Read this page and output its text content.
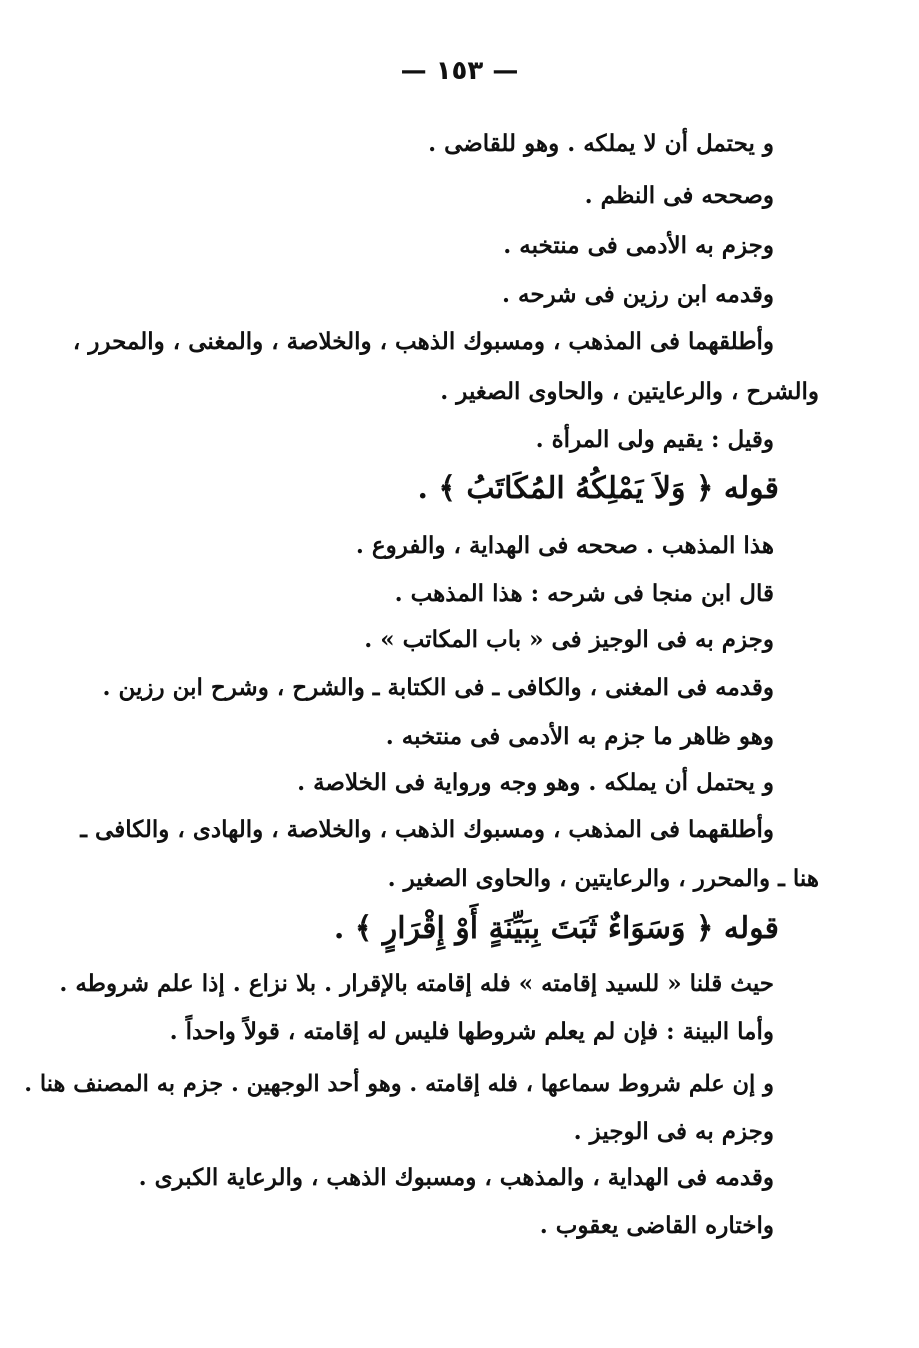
— ١٥٣ —
و يحتمل أن لا يملكه . وهو للقاضى .
وصححه فى النظم .
وجزم به الأدمى فى منتخبه .
وقدمه ابن رزين فى شرحه .
وأطلقهما فى المذهب ، ومسبوك الذهب ، والخلاصة ، والمغنى ، والمحرر ،
والشرح ، والرعايتين ، والحاوى الصغير .
وقيل : يقيم ولى المرأة .
قوله ﴿ وَلاَ يَمْلِكُهُ المُكَاتَبُ ﴾ .
هذا المذهب . صححه فى الهداية ، والفروع .
قال ابن منجا فى شرحه : هذا المذهب .
وجزم به فى الوجيز فى « باب المكاتب » .
وقدمه فى المغنى ، والكافى ـ فى الكتابة ـ والشرح ، وشرح ابن رزين .
وهو ظاهر ما جزم به الأدمى فى منتخبه .
و يحتمل أن يملكه . وهو وجه ورواية فى الخلاصة .
وأطلقهما فى المذهب ، ومسبوك الذهب ، والخلاصة ، والهادى ، والكافى ـ
هنا ـ والمحرر ، والرعايتين ، والحاوى الصغير .
قوله ﴿ وَسَوَاءٌ ثَبَتَ بِبَيِّنَةٍ أَوْ إِقْرَارٍ ﴾ .
حيث قلنا « للسيد إقامته » فله إقامته بالإقرار . بلا نزاع . إذا علم شروطه .
وأما البينة : فإن لم يعلم شروطها فليس له إقامته ، قولاً واحداً .
و إن علم شروط سماعها ، فله إقامته . وهو أحد الوجهين . جزم به المصنف هنا .
وجزم به فى الوجيز .
وقدمه فى الهداية ، والمذهب ، ومسبوك الذهب ، والرعاية الكبرى .
واختاره القاضى يعقوب .
